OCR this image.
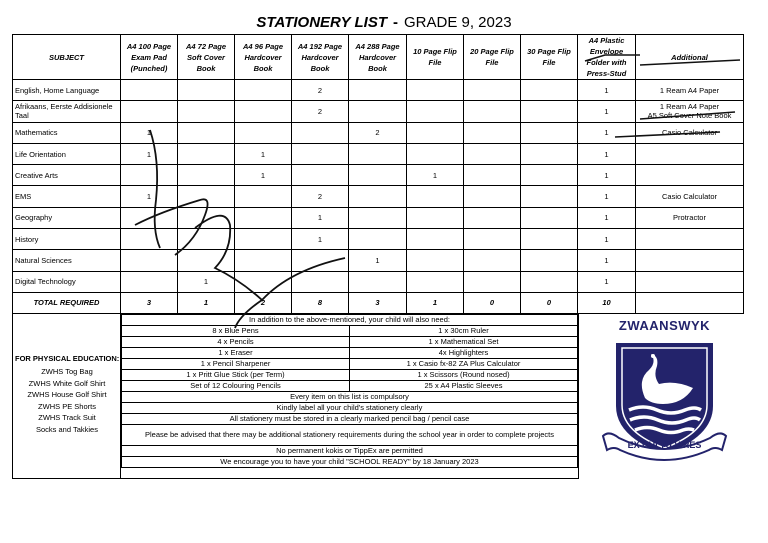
STATIONERY LIST - GRADE 9, 2023
SUBJECT	A4 100 Page Exam Pad (Punched)	A4 72 Page Soft Cover Book	A4 96 Page Hardcover Book	A4 192 Page Hardcover Book	A4 288 Page Hardcover Book	10 Page Flip File	20 Page Flip File	30 Page Flip File	A4 Plastic Envelope Folder with Press-Stud	Additional
English, Home Language				2					1	1 Ream A4 Paper
Afrikaans, Eerste Addisionele Taal				2					1	1 Ream A4 Paper
A5 Soft Cover Note Book
Mathematics	1				2				1	Casio Calculator
Life Orientation	1		1						1	
Creative Arts			1			1			1	
EMS	1			2					1	Casio Calculator
Geography				1					1	Protractor
History				1					1	
Natural Sciences					1				1	
Digital Technology		1							1	
TOTAL REQUIRED	3	1	2	8	3	1	0	0	10	
FOR PHYSICAL EDUCATION:
ZWHS Tog Bag
ZWHS White Golf Shirt
ZWHS House Golf Shirt
ZWHS PE Shorts
ZWHS Track Suit
Socks and Takkies
In addition to the above-mentioned, your child will also need:	
8 x Blue Pens	1 x 30cm Ruler
4 x Pencils	1 x Mathematical Set
1 x Eraser	4x Highlighters
1 x Pencil Sharpener	1 x Casio fx-82 ZA Plus Calculator
1 x Pritt Glue Stick (per Term)	1 x Scissors (Round nosed)
Set of 12 Colouring Pencils	25 x A4 Plastic Sleeves
Every item on this list is compulsory	
Kindly label all your child's stationery clearly	
All stationery must be stored in a clearly marked pencil bag / pencil case	
Please be advised that there may be additional stationery requirements during the school year in order to complete projects	
No permanent kokis or TippEx are permitted	
We encourage you to have your child "SCHOOL READY" by 18 January 2023	
ZWAANSWYK
EX CULTU VIRES
